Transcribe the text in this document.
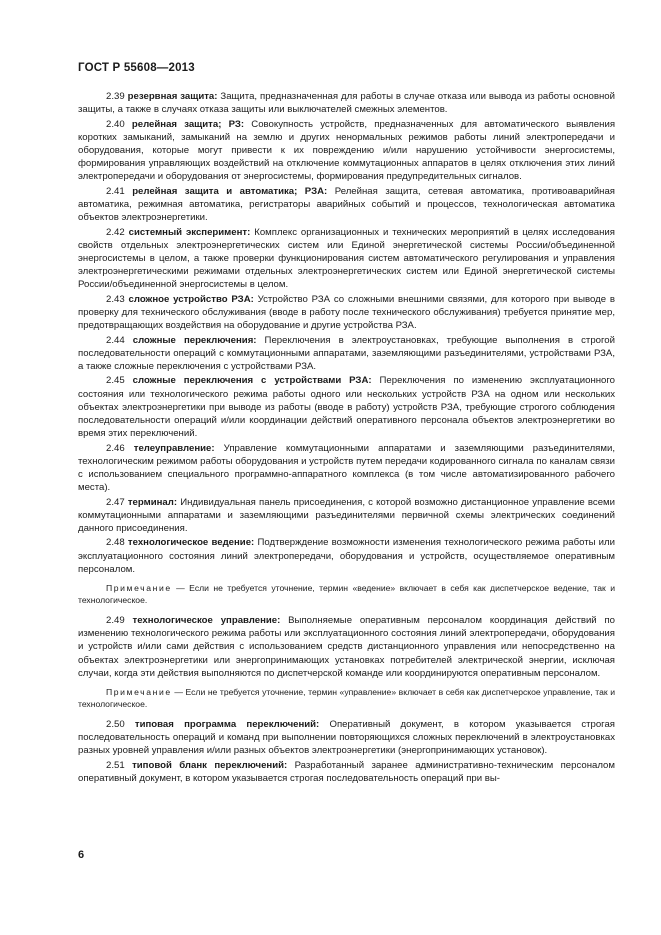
ГОСТ Р 55608—2013

2.39 резервная защита: Защита, предназначенная для работы в случае отказа или вывода из работы основной защиты, а также в случаях отказа защиты или выключателей смежных элементов.

2.40 релейная защита; РЗ: Совокупность устройств, предназначенных для автоматического выявления коротких замыканий, замыканий на землю и других ненормальных режимов работы линий электропередачи и оборудования, которые могут привести к их повреждению и/или нарушению устойчивости энергосистемы, формирования управляющих воздействий на отключение коммутационных аппаратов в целях отключения этих линий электропередачи и оборудования от энергосистемы, формирования предупредительных сигналов.

2.41 релейная защита и автоматика; РЗА: Релейная защита, сетевая автоматика, противоаварийная автоматика, режимная автоматика, регистраторы аварийных событий и процессов, технологическая автоматика объектов электроэнергетики.

2.42 системный эксперимент: Комплекс организационных и технических мероприятий в целях исследования свойств отдельных электроэнергетических систем или Единой энергетической системы России/объединенной энергосистемы в целом, а также проверки функционирования систем автоматического регулирования и управления электроэнергетическими режимами отдельных электроэнергетических систем или Единой энергетической системы России/объединенной энергосистемы в целом.

2.43 сложное устройство РЗА: Устройство РЗА со сложными внешними связями, для которого при выводе в проверку для технического обслуживания (вводе в работу после технического обслуживания) требуется принятие мер, предотвращающих воздействия на оборудование и другие устройства РЗА.

2.44 сложные переключения: Переключения в электроустановках, требующие выполнения в строгой последовательности операций с коммутационными аппаратами, заземляющими разъединителями, устройствами РЗА, а также сложные переключения с устройствами РЗА.

2.45 сложные переключения с устройствами РЗА: Переключения по изменению эксплуатационного состояния или технологического режима работы одного или нескольких устройств РЗА на одном или нескольких объектах электроэнергетики при выводе из работы (вводе в работу) устройств РЗА, требующие строгого соблюдения последовательности операций и/или координации действий оперативного персонала объектов электроэнергетики во время этих переключений.

2.46 телеуправление: Управление коммутационными аппаратами и заземляющими разъединителями, технологическим режимом работы оборудования и устройств путем передачи кодированного сигнала по каналам связи с использованием специального программно-аппаратного комплекса (в том числе автоматизированного рабочего места).

2.47 терминал: Индивидуальная панель присоединения, с которой возможно дистанционное управление всеми коммутационными аппаратами и заземляющими разъединителями первичной схемы электрических соединений данного присоединения.

2.48 технологическое ведение: Подтверждение возможности изменения технологического режима работы или эксплуатационного состояния линий электропередачи, оборудования и устройств, осуществляемое оперативным персоналом.

Примечание — Если не требуется уточнение, термин «ведение» включает в себя как диспетчерское ведение, так и технологическое.

2.49 технологическое управление: Выполняемые оперативным персоналом координация действий по изменению технологического режима работы или эксплуатационного состояния линий электропередачи, оборудования и устройств и/или сами действия с использованием средств дистанционного управления или непосредственно на объектах электроэнергетики или энергопринимающих установках потребителей электрической энергии, исключая случаи, когда эти действия выполняются по диспетчерской команде или координируются оперативным персоналом.

Примечание — Если не требуется уточнение, термин «управление» включает в себя как диспетчерское управление, так и технологическое.

2.50 типовая программа переключений: Оперативный документ, в котором указывается строгая последовательность операций и команд при выполнении повторяющихся сложных переключений в электроустановках разных уровней управления и/или разных объектов электроэнергетики (энергопринимающих установок).

2.51 типовой бланк переключений: Разработанный заранее административно-техническим персоналом оперативный документ, в котором указывается строгая последовательность операций при вы-

6
